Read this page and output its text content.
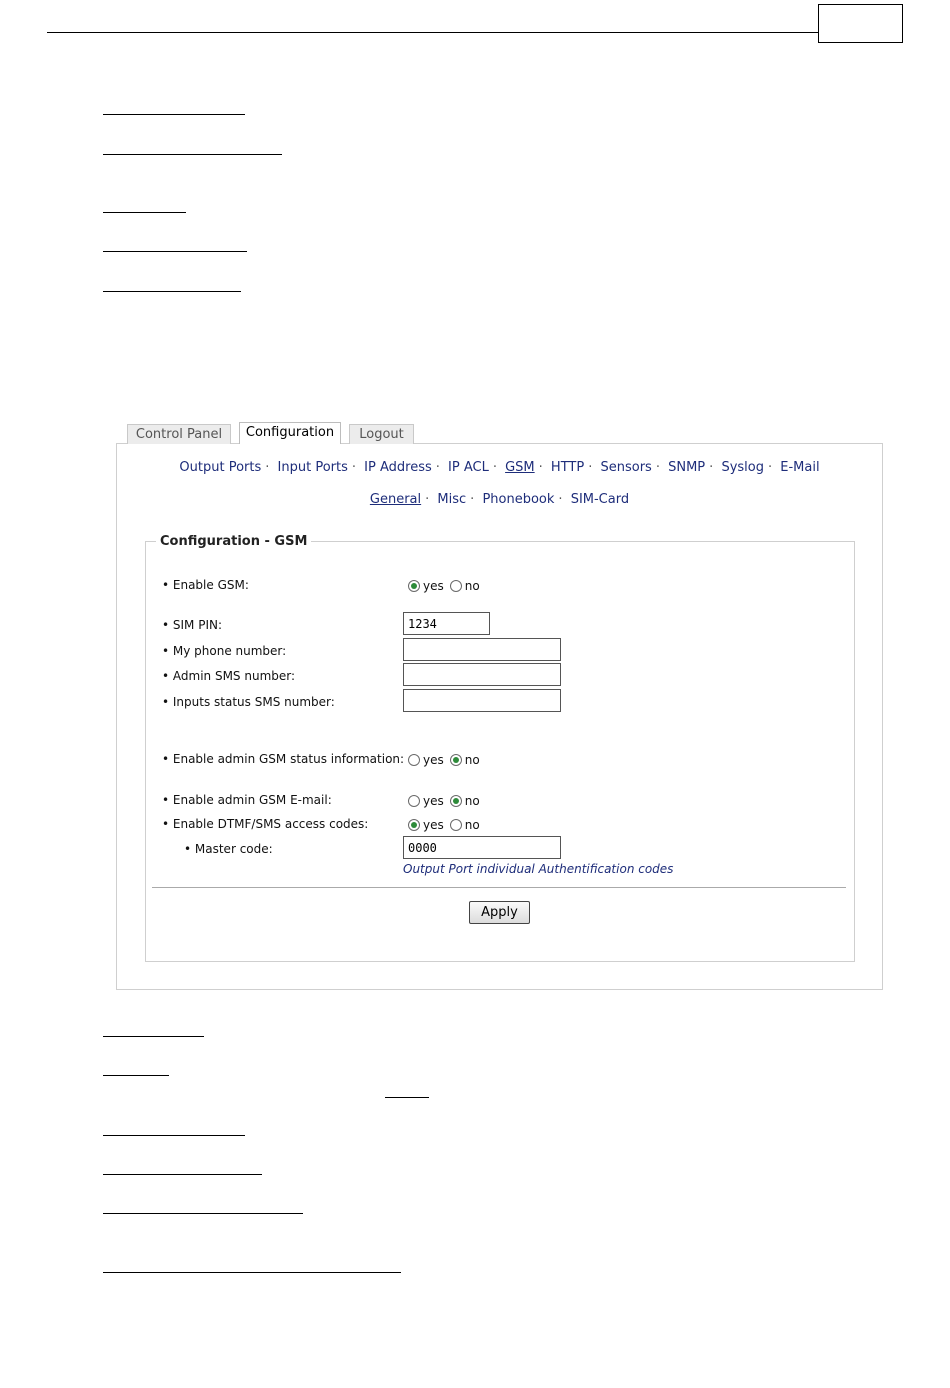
Control Panel	Configuration	Logout
Output Ports · Input Ports · IP Address · IP ACL · GSM · HTTP · Sensors · SNMP · Syslog · E-Mail
General · Misc · Phonebook · SIM-Card
Configuration - GSM
• Enable GSM:	yes no
• SIM PIN:
1234
• My phone number:
• Admin SMS number:
• Inputs status SMS number:
• Enable admin GSM status information: yes no
• Enable admin GSM E-mail:	yes no
• Enable DTMF/SMS access codes:	yes no
• Master code:
0000
Output Port individual Authentification codes
Apply
